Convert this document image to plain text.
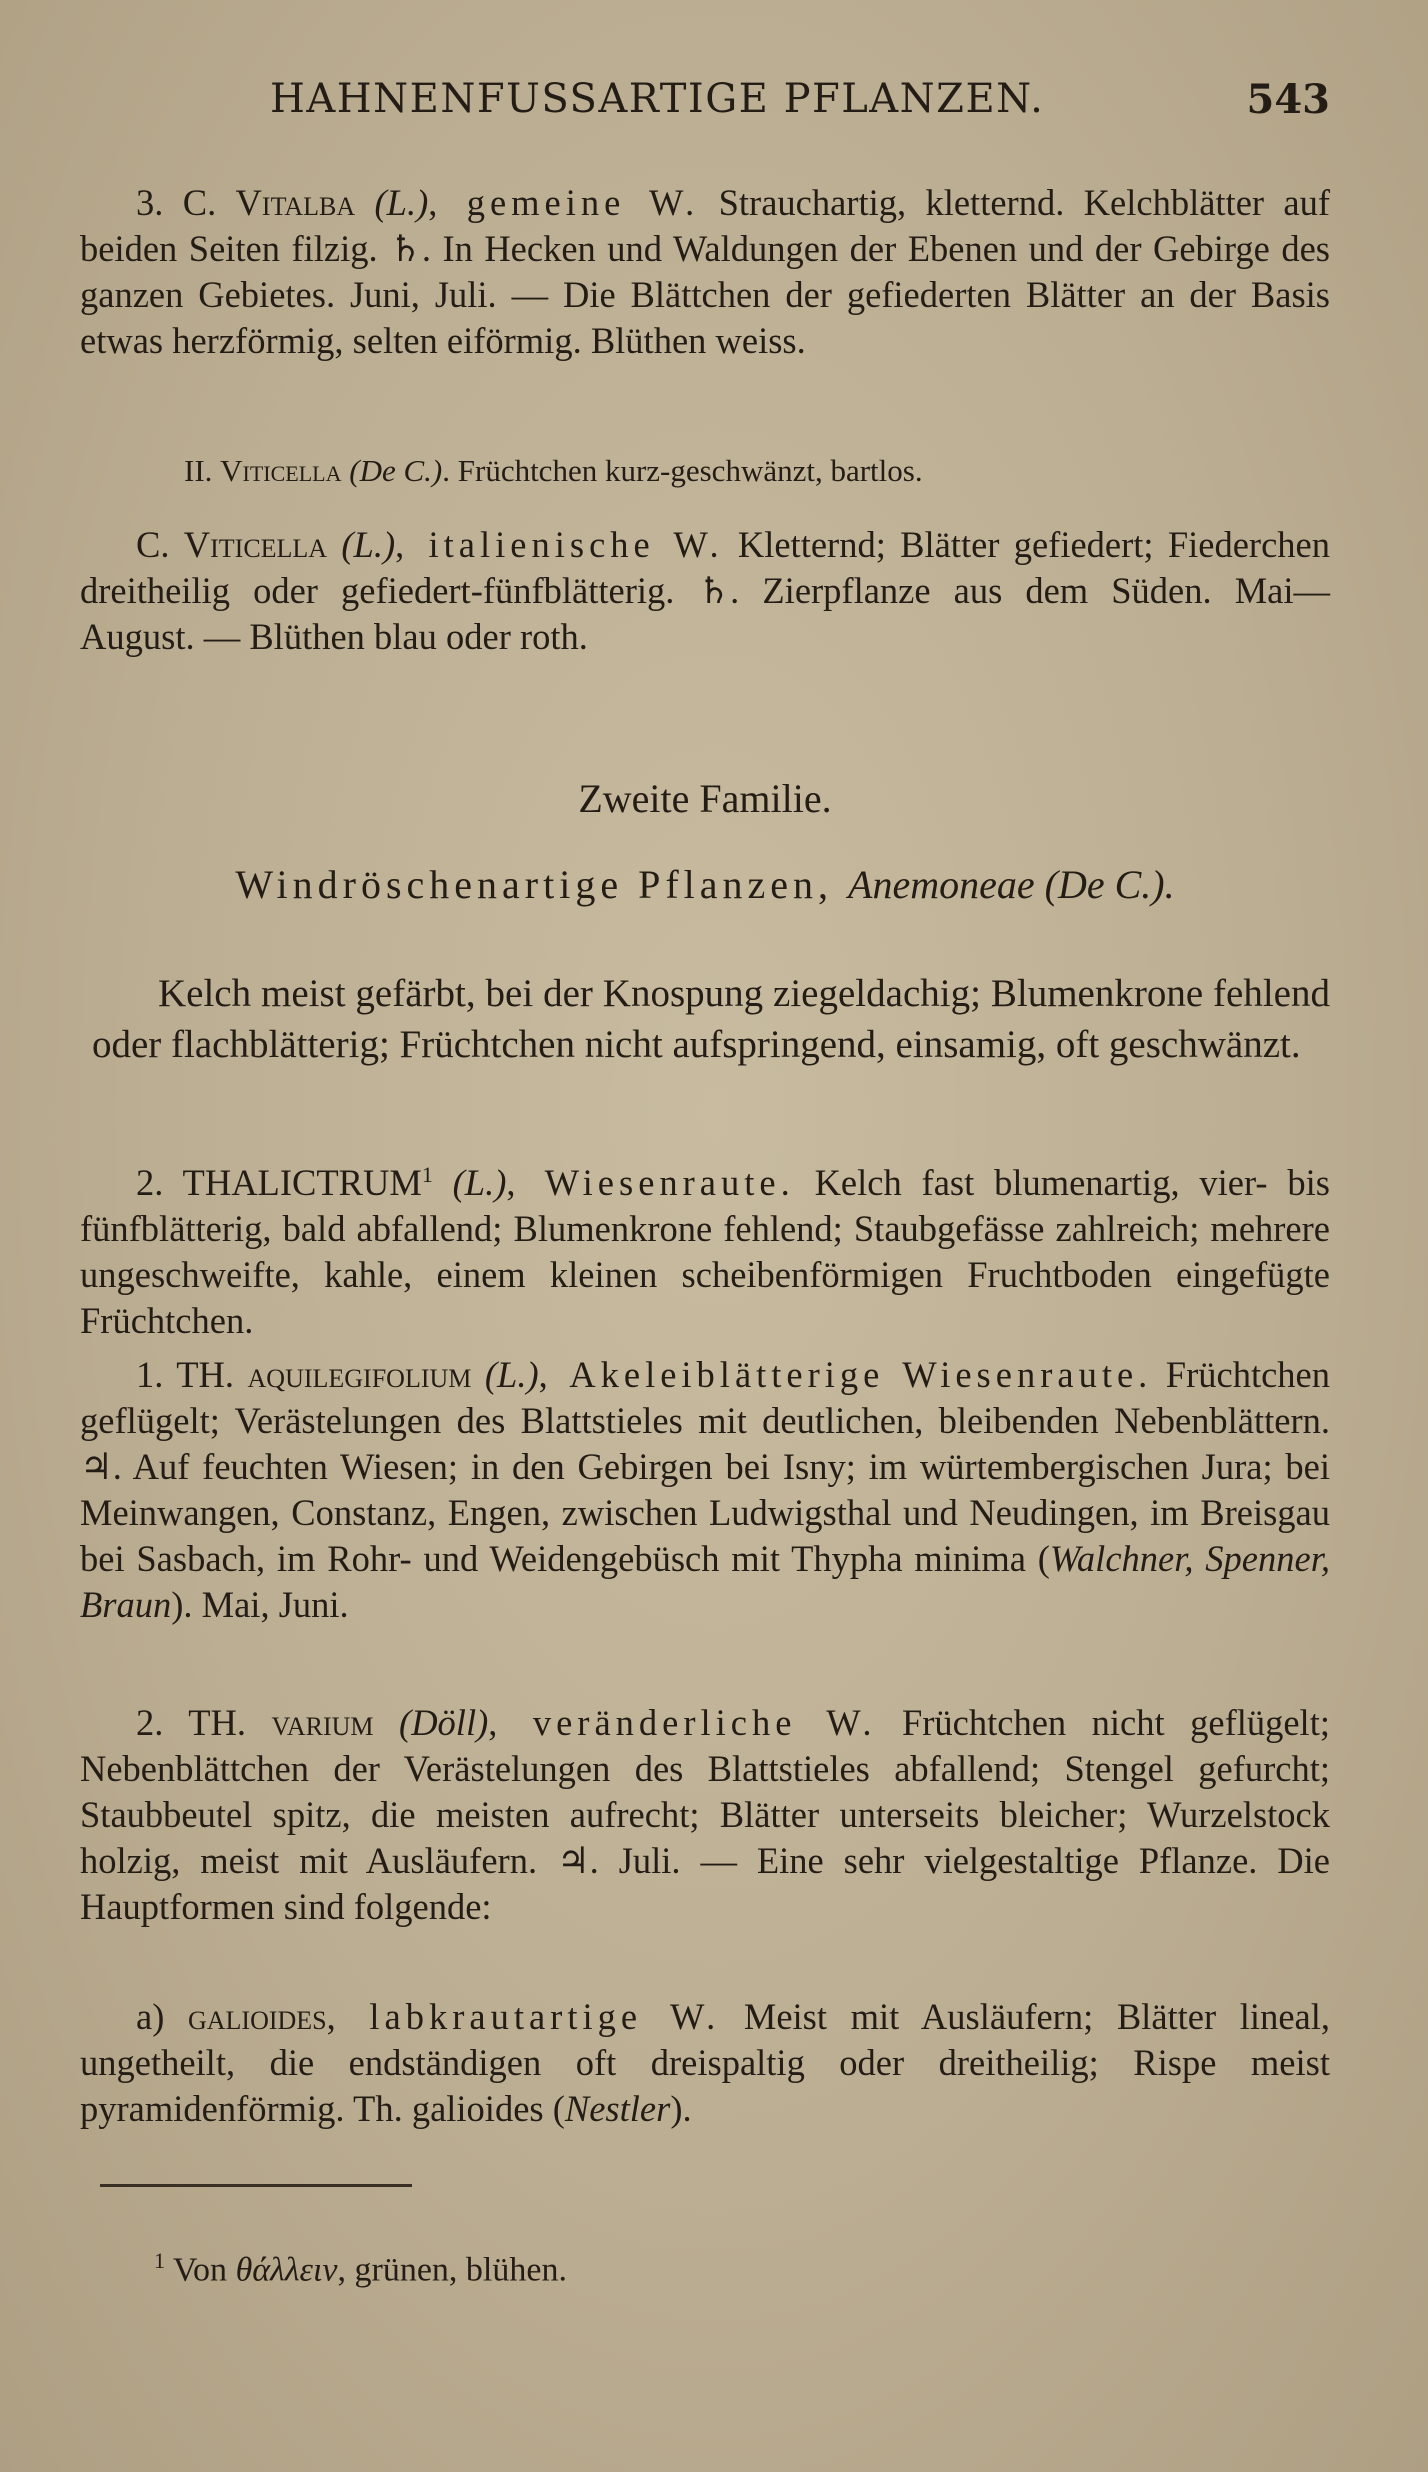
HAHNENFUSSARTIGE PFLANZEN.	543

3. C. Vitalba (L.), gemeine W. Strauchartig, kletternd. Kelchblätter auf beiden Seiten filzig. ♄. In Hecken und Waldungen der Ebenen und der Gebirge des ganzen Gebietes. Juni, Juli. — Die Blättchen der gefiederten Blätter an der Basis etwas herzförmig, selten eiförmig. Blüthen weiss.

II. Viticella (De C.). Früchtchen kurz-geschwänzt, bartlos.

C. Viticella (L.), italienische W. Kletternd; Blätter gefiedert; Fiederchen dreitheilig oder gefiedert-fünfblätterig. ♄. Zierpflanze aus dem Süden. Mai—August. — Blüthen blau oder roth.

Zweite Familie.
Windröschenartige Pflanzen, Anemoneae (De C.).

Kelch meist gefärbt, bei der Knospung ziegeldachig; Blumenkrone fehlend oder flachblätterig; Früchtchen nicht aufspringend, einsamig, oft geschwänzt.

2. THALICTRUM$^1$ (L.), Wiesenraute. Kelch fast blumenartig, vier- bis fünfblätterig, bald abfallend; Blumenkrone fehlend; Staubgefässe zahlreich; mehrere ungeschweifte, kahle, einem kleinen scheibenförmigen Fruchtboden eingefügte Früchtchen.

1. TH. aquilegifolium (L.), Akeleiblätterige Wiesenraute. Früchtchen geflügelt; Verästelungen des Blattstieles mit deutlichen, bleibenden Nebenblättern. ♃. Auf feuchten Wiesen; in den Gebirgen bei Isny; im würtembergischen Jura; bei Meinwangen, Constanz, Engen, zwischen Ludwigsthal und Neudingen, im Breisgau bei Sasbach, im Rohr- und Weidengebüsch mit Thypha minima (Walchner, Spenner, Braun). Mai, Juni.

2. TH. varium (Döll), veränderliche W. Früchtchen nicht geflügelt; Nebenblättchen der Verästelungen des Blattstieles abfallend; Stengel gefurcht; Staubbeutel spitz, die meisten aufrecht; Blätter unterseits bleicher; Wurzelstock holzig, meist mit Ausläufern. ♃. Juli. — Eine sehr vielgestaltige Pflanze. Die Hauptformen sind folgende:

a) galioides, labkrautartige W. Meist mit Ausläufern; Blätter lineal, ungetheilt, die endständigen oft dreispaltig oder dreitheilig; Rispe meist pyramidenförmig. Th. galioides (Nestler).

$^1$ Von θάλλειν, grünen, blühen.
